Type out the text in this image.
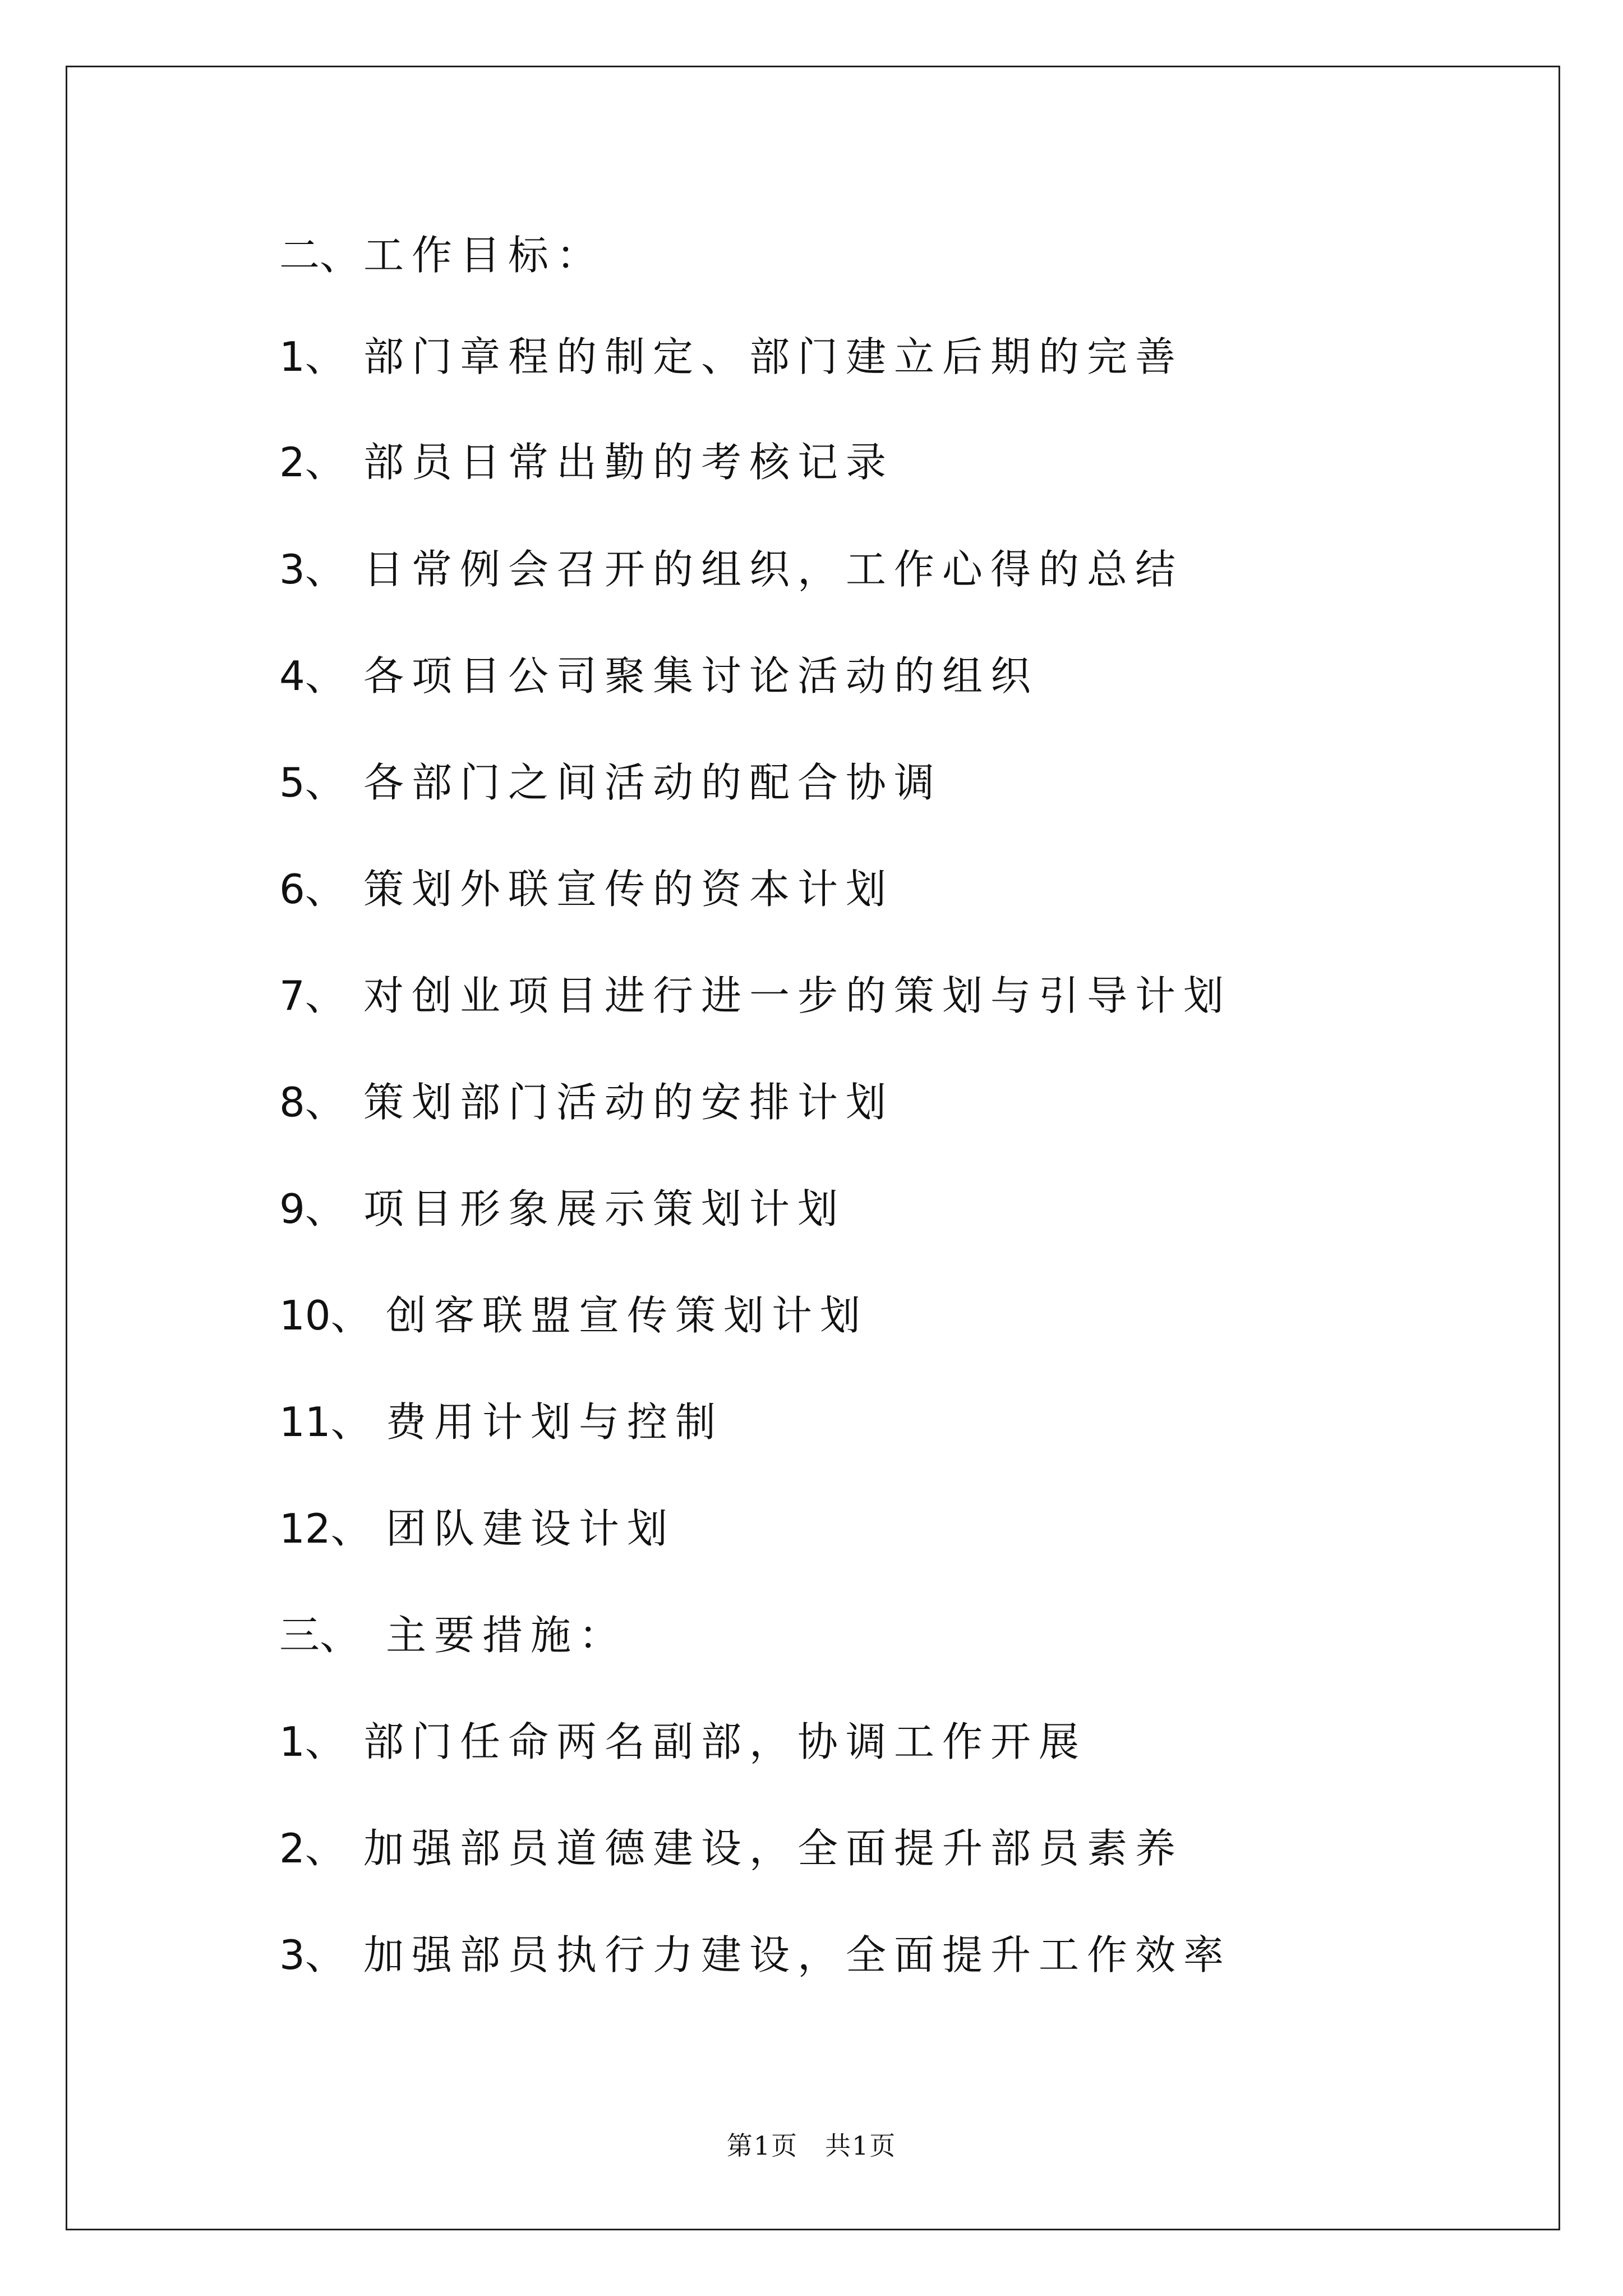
二、工作目标：
1、 部门章程的制定、部门建立后期的完善
2、 部员日常出勤的考核记录
3、 日常例会召开的组织，工作心得的总结
4、 各项目公司聚集讨论活动的组织
5、 各部门之间活动的配合协调
6、 策划外联宣传的资本计划
7、 对创业项目进行进一步的策划与引导计划
8、 策划部门活动的安排计划
9、 项目形象展示策划计划
10、 创客联盟宣传策划计划
11、 费用计划与控制
12、 团队建设计划
三、 主要措施：
1、 部门任命两名副部，协调工作开展
2、 加强部员道德建设，全面提升部员素养
3、 加强部员执行力建设，全面提升工作效率
第1页　共1页
